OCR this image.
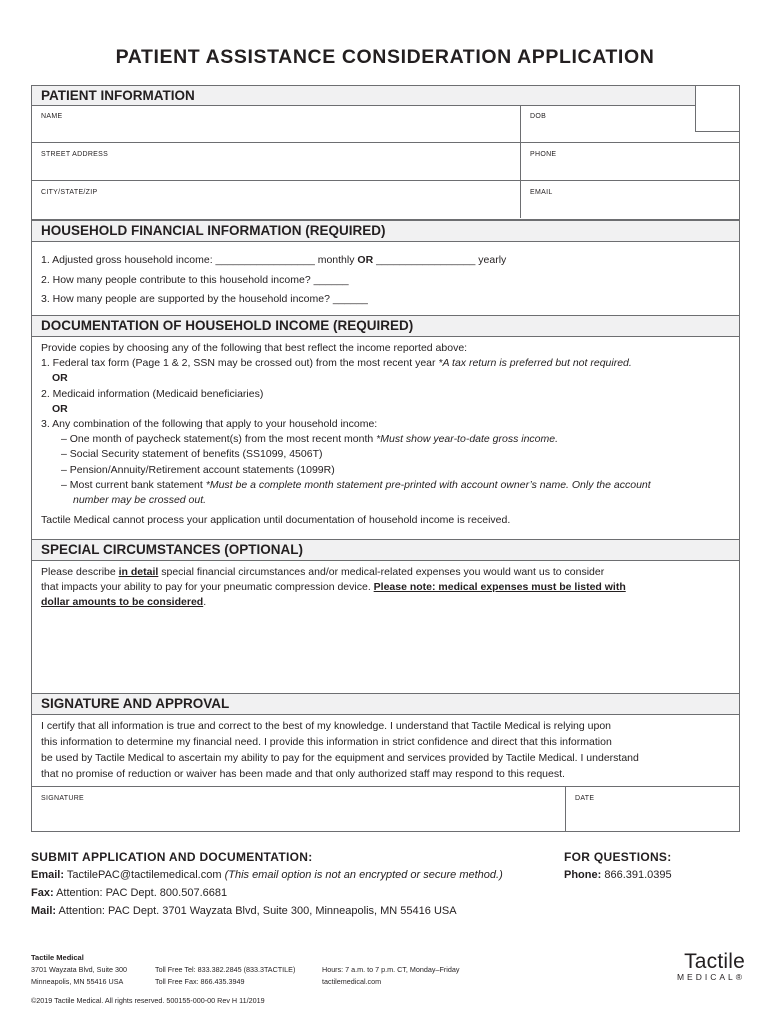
PATIENT ASSISTANCE CONSIDERATION APPLICATION
PATIENT INFORMATION
NAME	DOB
STREET ADDRESS	PHONE
CITY/STATE/ZIP	EMAIL
HOUSEHOLD FINANCIAL INFORMATION (REQUIRED)
1. Adjusted gross household income: _________________ monthly OR _________________ yearly
2. How many people contribute to this household income? ______
3. How many people are supported by the household income? ______
DOCUMENTATION OF HOUSEHOLD INCOME (REQUIRED)
Provide copies by choosing any of the following that best reflect the income reported above:
1. Federal tax form (Page 1 & 2, SSN may be crossed out) from the most recent year *A tax return is preferred but not required.
OR
2. Medicaid information (Medicaid beneficiaries)
OR
3. Any combination of the following that apply to your household income:
– One month of paycheck statement(s) from the most recent month *Must show year-to-date gross income.
– Social Security statement of benefits (SS1099, 4506T)
– Pension/Annuity/Retirement account statements (1099R)
– Most current bank statement *Must be a complete month statement pre-printed with account owner’s name. Only the account
number may be crossed out.
Tactile Medical cannot process your application until documentation of household income is received.
SPECIAL CIRCUMSTANCES (OPTIONAL)
Please describe in detail special financial circumstances and/or medical-related expenses you would want us to consider
that impacts your ability to pay for your pneumatic compression device. Please note: medical expenses must be listed with
dollar amounts to be considered.
SIGNATURE AND APPROVAL
I certify that all information is true and correct to the best of my knowledge. I understand that Tactile Medical is relying upon
this information to determine my financial need. I provide this information in strict confidence and direct that this information
be used by Tactile Medical to ascertain my ability to pay for the equipment and services provided by Tactile Medical. I understand
that no promise of reduction or waiver has been made and that only authorized staff may respond to this request.
SIGNATURE	DATE
SUBMIT APPLICATION AND DOCUMENTATION:
Email: TactilePAC@tactilemedical.com (This email option is not an encrypted or secure method.)
Fax: Attention: PAC Dept. 800.507.6681
Mail: Attention: PAC Dept. 3701 Wayzata Blvd, Suite 300, Minneapolis, MN 55416 USA
FOR QUESTIONS:
Phone: 866.391.0395
Tactile Medical
3701 Wayzata Blvd, Suite 300
Minneapolis, MN 55416 USA
Toll Free Tel: 833.382.2845 (833.3TACTILE)
Toll Free Fax: 866.435.3949
Hours: 7 a.m. to 7 p.m. CT, Monday–Friday
tactilemedical.com
©2019 Tactile Medical. All rights reserved. 500155-000-00 Rev H 11/2019
Tactile
MEDICAL®
